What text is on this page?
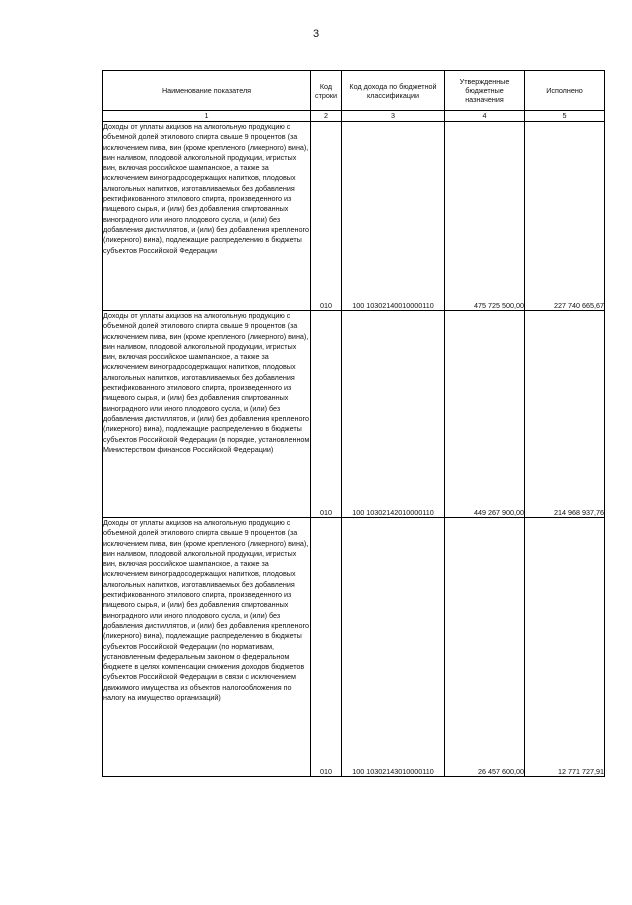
3
Наименование показателя	Код строки	Код дохода по бюджетной классификации	Утвержденные бюджетные назначения	Исполнено
1	2	3	4	5
Доходы от уплаты акцизов на алкогольную продукцию с объемной долей этилового спирта свыше 9 процентов (за исключением пива, вин (кроме крепленого (ликерного) вина), вин наливом, плодовой алкогольной продукции, игристых вин, включая российское шампанское, а также за исключением виноградосодержащих напитков, плодовых алкогольных напитков, изготавливаемых без добавления ректификованного этилового спирта, произведенного из пищевого сырья, и (или) без добавления спиртованных виноградного или иного плодового сусла, и (или) без добавления дистиллятов, и (или) без добавления крепленого (ликерного) вина), подлежащие распределению в бюджеты субъектов Российской Федерации	010	100 10302140010000110	475 725 500,00	227 740 665,67
Доходы от уплаты акцизов на алкогольную продукцию с объемной долей этилового спирта свыше 9 процентов (за исключением пива, вин (кроме крепленого (ликерного) вина), вин наливом, плодовой алкогольной продукции, игристых вин, включая российское шампанское, а также за исключением виноградосодержащих напитков, плодовых алкогольных напитков, изготавливаемых без добавления ректификованного этилового спирта, произведенного из пищевого сырья, и (или) без добавления спиртованных виноградного или иного плодового сусла, и (или) без добавления дистиллятов, и (или) без добавления крепленого (ликерного) вина), подлежащие распределению в бюджеты субъектов Российской Федерации (в порядке, установленном Министерством финансов Российской Федерации)	010	100 10302142010000110	449 267 900,00	214 968 937,76
Доходы от уплаты акцизов на алкогольную продукцию с объемной долей этилового спирта свыше 9 процентов (за исключением пива, вин (кроме крепленого (ликерного) вина), вин наливом, плодовой алкогольной продукции, игристых вин, включая российское шампанское, а также за исключением виноградосодержащих напитков, плодовых алкогольных напитков, изготавливаемых без добавления ректификованного этилового спирта, произведенного из пищевого сырья, и (или) без добавления спиртованных виноградного или иного плодового сусла, и (или) без добавления дистиллятов, и (или) без добавления крепленого (ликерного) вина), подлежащие распределению в бюджеты субъектов Российской Федерации (по нормативам, установленным федеральным законом о федеральном бюджете в целях компенсации снижения доходов бюджетов субъектов Российской Федерации в связи с исключением движимого имущества из объектов налогообложения по налогу на имущество организаций)	010	100 10302143010000110	26 457 600,00	12 771 727,91
